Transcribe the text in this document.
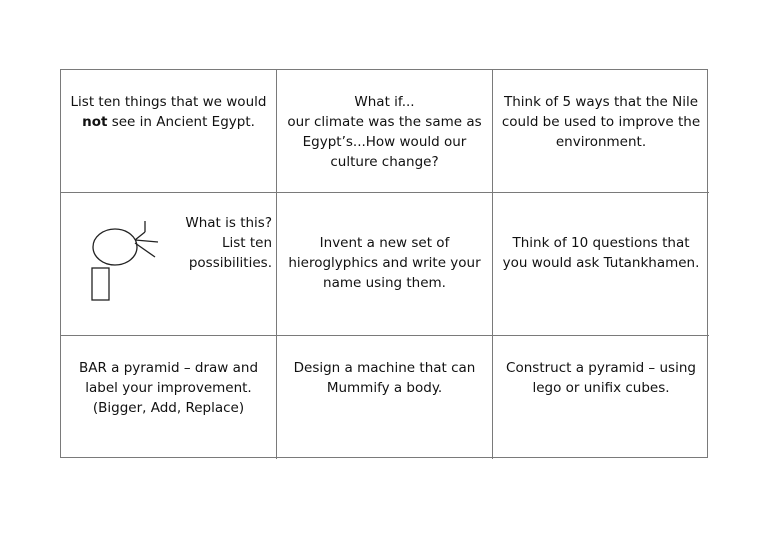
List ten things that we would
not see in Ancient Egypt.
What if...
our climate was the same as
Egypt’s...How would our
culture change?
Think of 5 ways that the Nile
could be used to improve the
environment.
What is this?
List ten
possibilities.
Invent a new set of
hieroglyphics and write your
name using them.
Think of 10 questions that
you would ask Tutankhamen.
BAR a pyramid – draw and
label your improvement.
(Bigger, Add, Replace)
Design a machine that can
Mummify a body.
Construct a pyramid – using
lego or unifix cubes.
